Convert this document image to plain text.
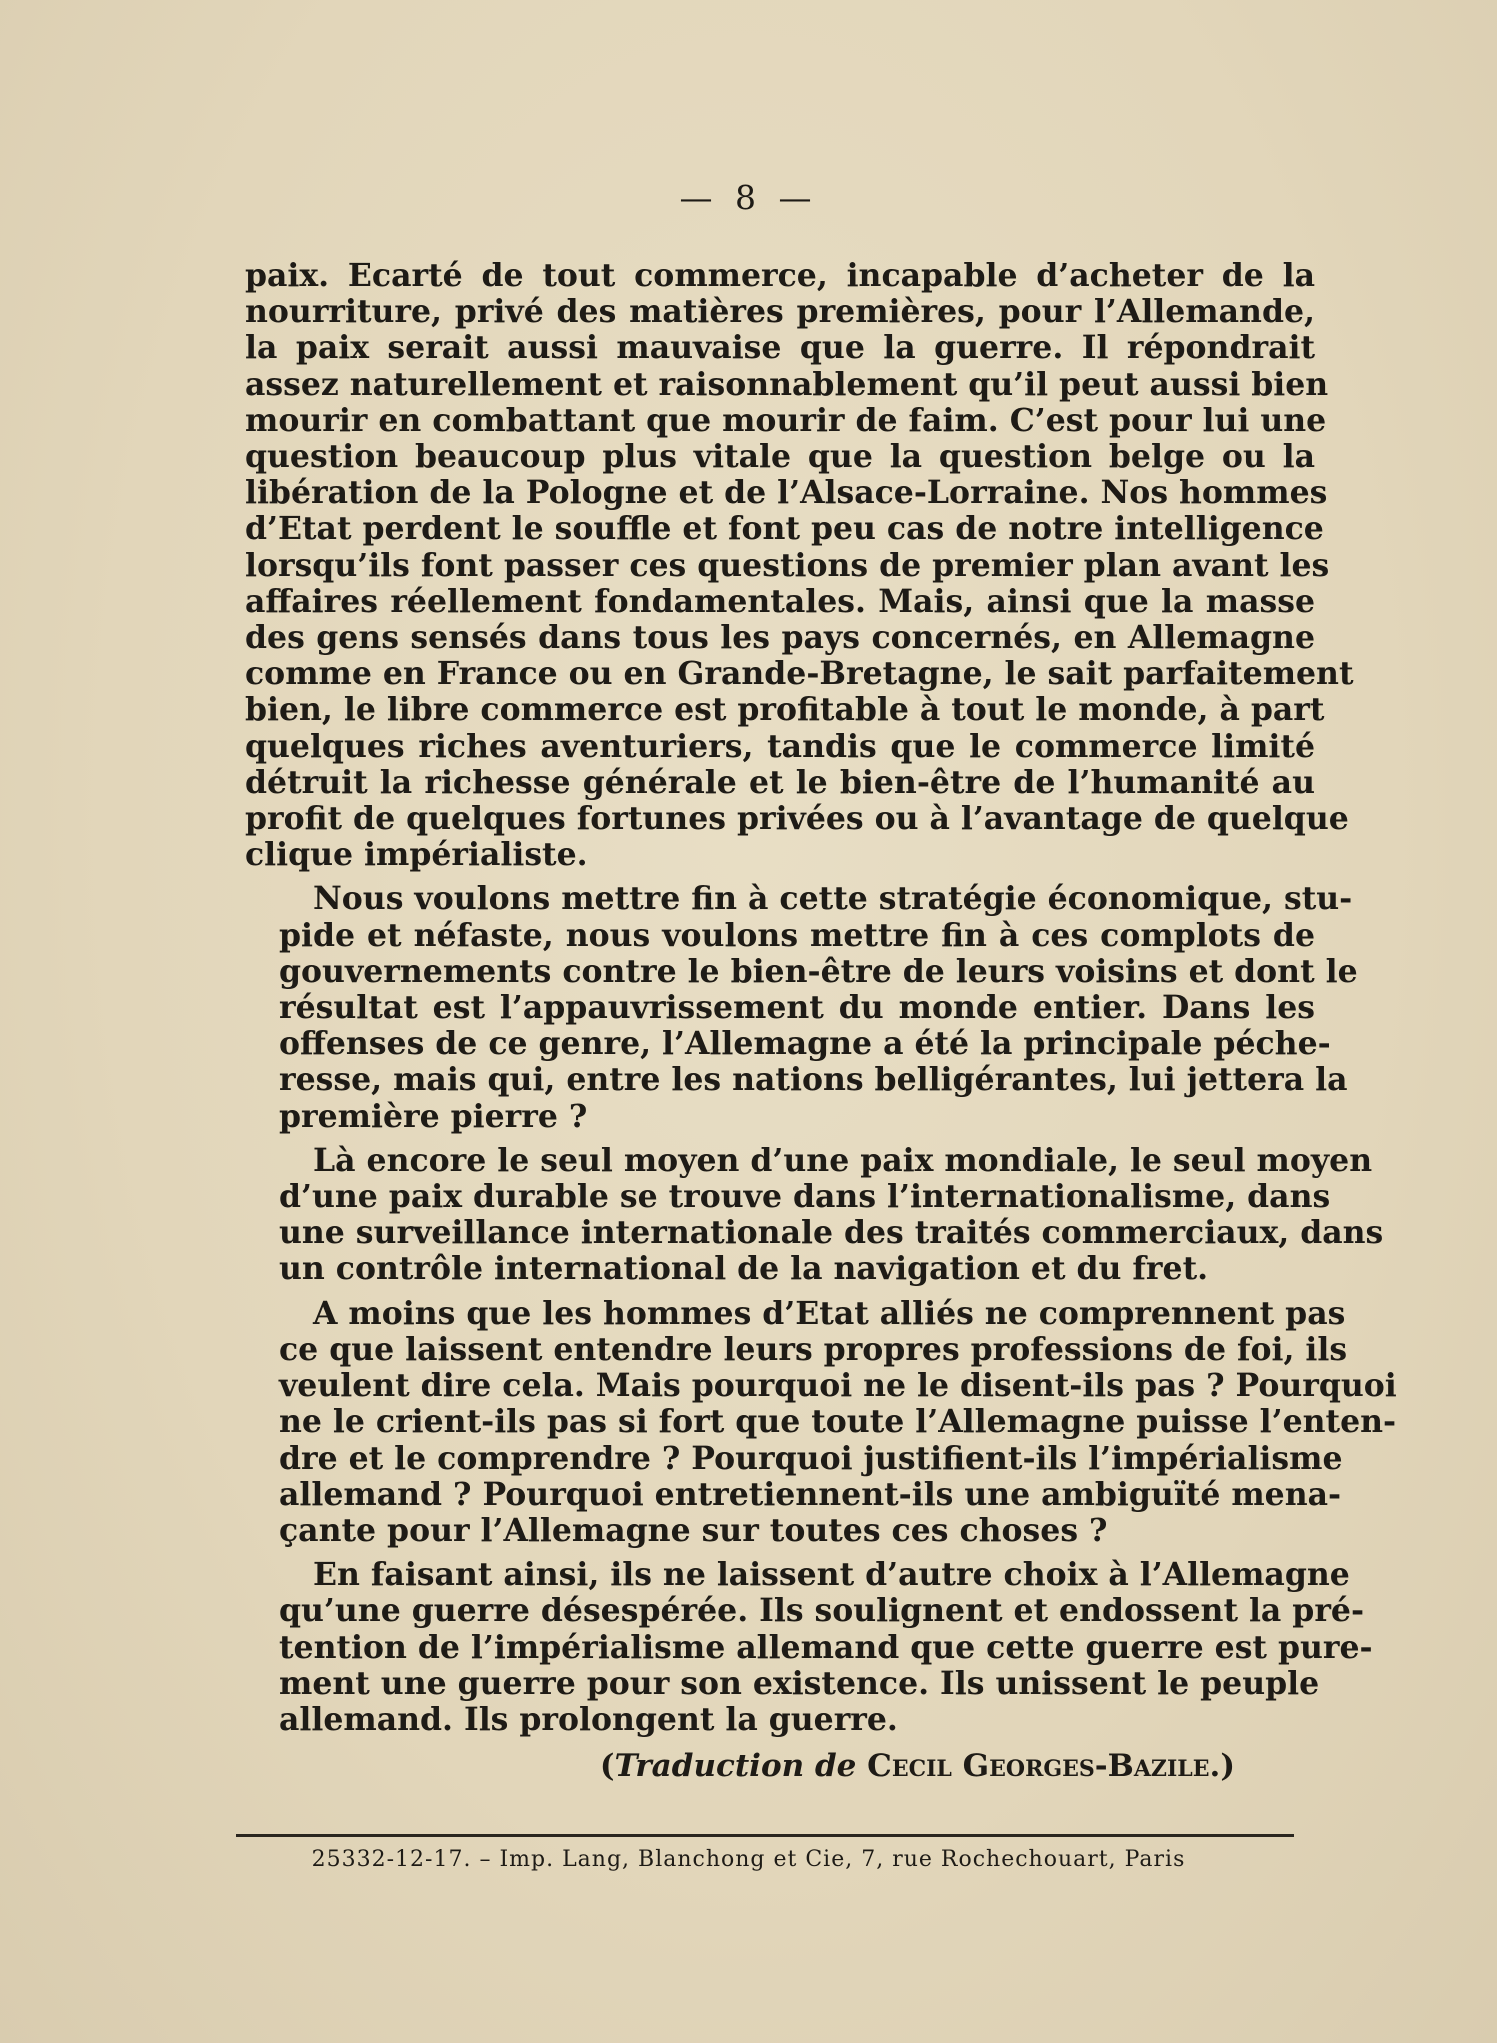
— 8 —
paix. Ecarté de tout commerce, incapable d’acheter de la
nourriture, privé des matières premières, pour l’Allemande,
la paix serait aussi mauvaise que la guerre. Il répondrait
assez naturellement et raisonnablement qu’il peut aussi bien
mourir en combattant que mourir de faim. C’est pour lui une
question beaucoup plus vitale que la question belge ou la
libération de la Pologne et de l’Alsace-Lorraine. Nos hommes
d’Etat perdent le souffle et font peu cas de notre intelligence
lorsqu’ils font passer ces questions de premier plan avant les
affaires réellement fondamentales. Mais, ainsi que la masse
des gens sensés dans tous les pays concernés, en Allemagne
comme en France ou en Grande-Bretagne, le sait parfaitement
bien, le libre commerce est profitable à tout le monde, à part
quelques riches aventuriers, tandis que le commerce limité
détruit la richesse générale et le bien-être de l’humanité au
profit de quelques fortunes privées ou à l’avantage de quelque
clique impérialiste.
Nous voulons mettre fin à cette stratégie économique, stu-
pide et néfaste, nous voulons mettre fin à ces complots de
gouvernements contre le bien-être de leurs voisins et dont le
résultat est l’appauvrissement du monde entier. Dans les
offenses de ce genre, l’Allemagne a été la principale péche-
resse, mais qui, entre les nations belligérantes, lui jettera la
première pierre ?
Là encore le seul moyen d’une paix mondiale, le seul moyen
d’une paix durable se trouve dans l’internationalisme, dans
une surveillance internationale des traités commerciaux, dans
un contrôle international de la navigation et du fret.
A moins que les hommes d’Etat alliés ne comprennent pas
ce que laissent entendre leurs propres professions de foi, ils
veulent dire cela. Mais pourquoi ne le disent-ils pas ? Pourquoi
ne le crient-ils pas si fort que toute l’Allemagne puisse l’enten-
dre et le comprendre ? Pourquoi justifient-ils l’impérialisme
allemand ? Pourquoi entretiennent-ils une ambiguïté mena-
çante pour l’Allemagne sur toutes ces choses ?
En faisant ainsi, ils ne laissent d’autre choix à l’Allemagne
qu’une guerre désespérée. Ils soulignent et endossent la pré-
tention de l’impérialisme allemand que cette guerre est pure-
ment une guerre pour son existence. Ils unissent le peuple
allemand. Ils prolongent la guerre.
(Traduction de Cecil Georges-Bazile.)
25332-12-17. – Imp. Lang, Blanchong et Cie, 7, rue Rochechouart, Paris
